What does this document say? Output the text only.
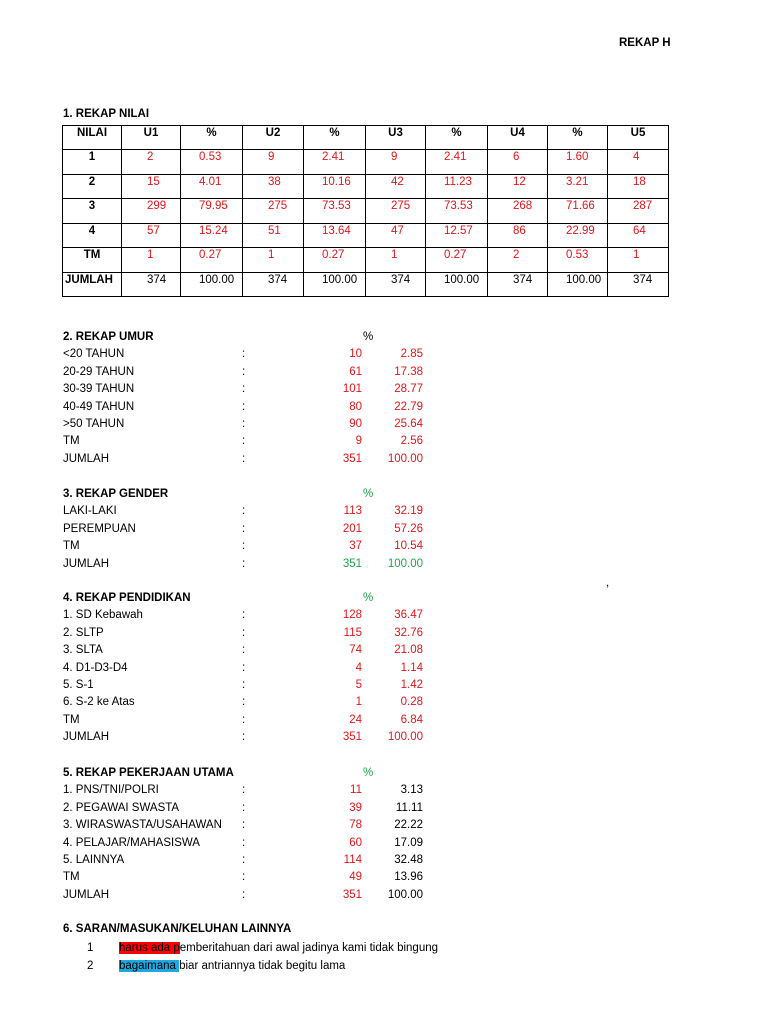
REKAP H
1. REKAP NILAI
NILAI	U1	%	U2	%	U3	%	U4	%	U5
1	2	0.53	9	2.41	9	2.41	6	1.60	4
2	15	4.01	38	10.16	42	11.23	12	3.21	18
3	299	79.95	275	73.53	275	73.53	268	71.66	287
4	57	15.24	51	13.64	47	12.57	86	22.99	64
TM	1	0.27	1	0.27	1	0.27	2	0.53	1
JUMLAH	374	100.00	374	100.00	374	100.00	374	100.00	374
2. REKAP UMUR	%
<20 TAHUN	:	10	2.85
20-29 TAHUN	:	61	17.38
30-39 TAHUN	:	101	28.77
40-49 TAHUN	:	80	22.79
>50 TAHUN	:	90	25.64
TM	:	9	2.56
JUMLAH	:	351	100.00
3. REKAP GENDER	%
LAKI-LAKI	:	113	32.19
PEREMPUAN	:	201	57.26
TM	:	37	10.54
JUMLAH	:	351	100.00
4. REKAP PENDIDIKAN	%
1. SD Kebawah	:	128	36.47
2. SLTP	:	115	32.76
3. SLTA	:	74	21.08
4. D1-D3-D4	:	4	1.14
5. S-1	:	5	1.42
6. S-2 ke Atas	:	1	0.28
TM	:	24	6.84
JUMLAH	:	351	100.00
5. REKAP PEKERJAAN UTAMA	%
1. PNS/TNI/POLRI	:	11	3.13
2. PEGAWAI SWASTA	:	39	11.11
3. WIRASWASTA/USAHAWAN :	78	22.22
4. PELAJAR/MAHASISWA	:	60	17.09
5. LAINNYA	:	114	32.48
TM	:	49	13.96
JUMLAH	:	351	100.00
,
6. SARAN/MASUKAN/KELUHAN LAINNYA
1 harus ada pemberitahuan dari awal jadinya kami tidak bingung
2 bagaimana biar antriannya tidak begitu lama
